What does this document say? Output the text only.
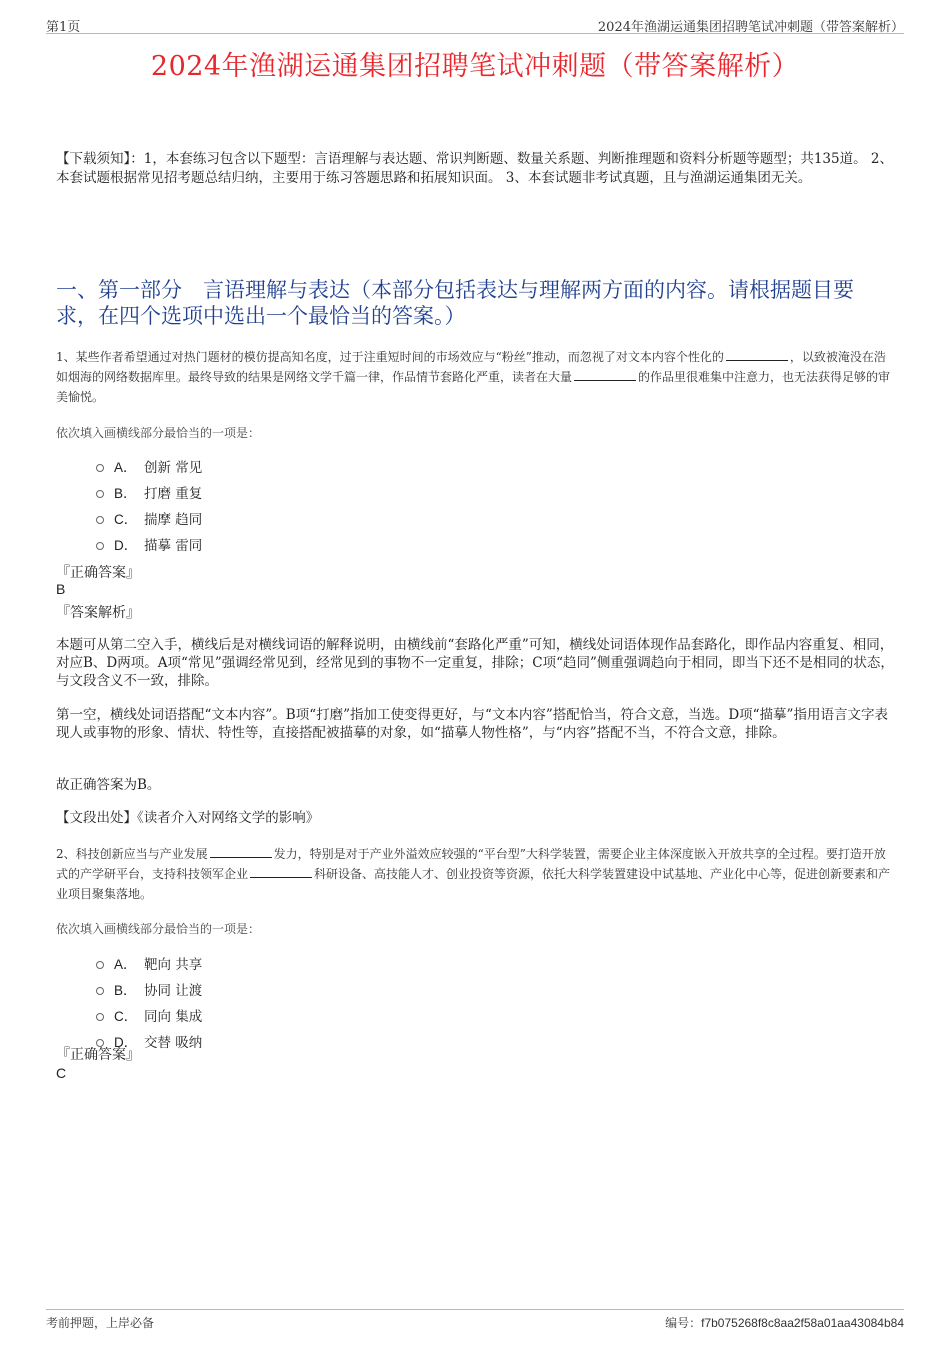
第1页	2024年渔湖运通集团招聘笔试冲刺题（带答案解析）
2024年渔湖运通集团招聘笔试冲刺题（带答案解析）
【下载须知】：1，本套练习包含以下题型：言语理解与表达题、常识判断题、数量关系题、判断推理题和资料分析题等题型；共135道。 2、本套试题根据常见招考题总结归纳，主要用于练习答题思路和拓展知识面。 3、本套试题非考试真题，且与渔湖运通集团无关。
一、第一部分　言语理解与表达（本部分包括表达与理解两方面的内容。请根据题目要求，在四个选项中选出一个最恰当的答案。）
1、某些作者希望通过对热门题材的模仿提高知名度，过于注重短时间的市场效应与“粉丝”推动，而忽视了对文本内容个性化的	，以致被淹没在浩如烟海的网络数据库里。最终导致的结果是网络文学千篇一律，作品情节套路化严重，读者在大量	的作品里很难集中注意力，也无法获得足够的审美愉悦。
依次填入画横线部分最恰当的一项是：
A． 创新 常见
B． 打磨 重复
C． 揣摩 趋同
D． 描摹 雷同
『正确答案』
B
『答案解析』
本题可从第二空入手，横线后是对横线词语的解释说明，由横线前“套路化严重”可知，横线处词语体现作品套路化，即作品内容重复、相同，对应B、D两项。A项“常见”强调经常见到，经常见到的事物不一定重复，排除；C项“趋同”侧重强调趋向于相同，即当下还不是相同的状态，与文段含义不一致，排除。
第一空，横线处词语搭配“文本内容”。B项“打磨”指加工使变得更好，与“文本内容”搭配恰当，符合文意，当选。D项“描摹”指用语言文字表现人或事物的形象、情状、特性等，直接搭配被描摹的对象，如“描摹人物性格”，与“内容”搭配不当，不符合文意，排除。
故正确答案为B。
【文段出处】《读者介入对网络文学的影响》
2、科技创新应当与产业发展	发力，特别是对于产业外溢效应较强的“平台型”大科学装置，需要企业主体深度嵌入开放共享的全过程。要打造开放式的产学研平台，支持科技领军企业	科研设备、高技能人才、创业投资等资源，依托大科学装置建设中试基地、产业化中心等，促进创新要素和产业项目聚集落地。
依次填入画横线部分最恰当的一项是：
A． 靶向 共享
B． 协同 让渡
C． 同向 集成
D． 交替 吸纳
『正确答案』
C
考前押题，上岸必备	编号：f7b075268f8c8aa2f58a01aa43084b84
